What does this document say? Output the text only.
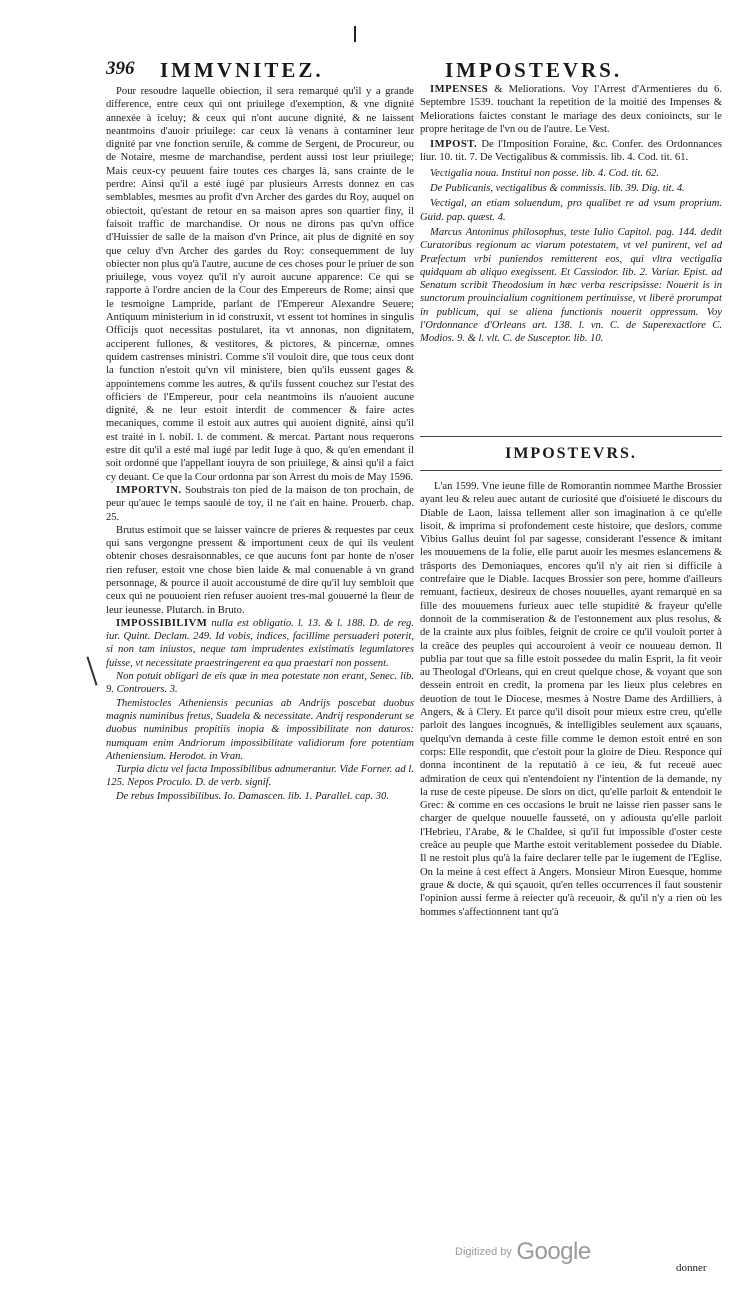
396 IMMVNITEZ.	IMPOSTEVRS.

Pour resoudre laquelle obiection, il sera remarqué qu'il y a grande difference, entre ceux qui ont priuilege d'exemption, & vne dignité annexée à iceluy; & ceux qui n'ont aucune dignité, & ne laissent neantmoins d'auoir priuilege: car ceux là venans à contaminer leur dignité par vne fonction seruile, & comme de Sergent, de Procureur, ou de Notaire, mesme de marchandise, perdent aussi tost leur priuilege; Mais ceux-cy peuuent faire toutes ces charges là, sans crainte de le perdre: Ainsi qu'il a esté iugé par plusieurs Arrests donnez en cas semblables, mesmes au profit d'vn Archer des gardes du Roy, auquel on obiectoit, qu'estant de retour en sa maison apres son quartier finy, il faisoit traffic de marchandise. Or nous ne dirons pas qu'vn office d'Huissier de salle de la maison d'vn Prince, ait plus de dignité en soy que celuy d'vn Archer des gardes du Roy: consequemment de luy obiecter non plus qu'à l'autre, aucune de ces choses pour le priuer de son priuilege, vous voyez qu'il n'y auroit aucune apparence: Ce qui se rapporte à l'ordre ancien de la Cour des Empereurs de Rome; ainsi que le tesmoigne Lampride, parlant de l'Empereur Alexandre Seuere; Antiquum ministerium in id construxit, vt essent tot homines in singulis Officijs quot necessitas postularet, ita vt annonas, non dignitatem, acciperent fullones, & vestitores, & pictores, & pincernæ, omnes quidem castrenses ministri. Comme s'il vouloit dire, que tous ceux dont la function n'estoit qu'vn vil ministere, bien qu'ils eussent gages & appointemens comme les autres, & qu'ils fussent couchez sur l'estat des officiers de l'Empereur, pour cela neantmoins ils n'auoient aucune dignité, & ne leur estoit interdit de commencer & faire actes mecaniques, comme il estoit aux autres qui auoient dignité, ainsi qu'il est traité in l. nobil. l. de comment. & mercat. Partant nous requerons estre dit qu'il a esté mal iugé par ledit Iuge à quo, & qu'en emendant il soit ordonné que l'appellant iouyra de son priuilege, & ainsi qu'il a faict cy deuant. Ce que la Cour ordonna par son Arrest du mois de May 1596.

IMPORTVN. Soubstrais ton pied de la maison de ton prochain, de peur qu'auec le temps saoulé de toy, il ne t'ait en haine. Prouerb. chap. 25.

Brutus estimoit que se laisser vaincre de prieres & requestes par ceux qui sans vergongne pressent & importunent ceux de qui ils veulent obtenir choses desraisonnables, ce que aucuns font par honte de n'oser rien refuser, estoit vne chose bien laide & mal conuenable à vn grand personnage, & pource il auoit accoustumé de dire qu'il luy sembloit que ceux qui ne pouuoient rien refuser auoient tres-mal gouuerné la fleur de leur ieunesse. Plutarch. in Bruto.

IMPOSSIBILIVM nulla est obligatio. l. 13. & l. 188. D. de reg. iur. Quint. Declam. 249. Id vobis, indices, facillime persuaderi poterit, si non tam iniustos, neque tam imprudentes existimatis legumlatores fuisse, vt necessitate praestringerent ea qua praestari non possent.

Non potuit obligari de eis quæ in mea potestate non erant, Senec. lib. 9. Controuers. 3.

Themistocles Atheniensis pecunias ab Andrijs poscebat duobus magnis numinibus fretus, Suadela & necessitate. Andrij responderunt se duobus numinibus propitiis inopia & impossibilitate non daturos: numquam enim Andriorum impossibilitate validiorum fore potentiam Atheniensium. Herodot. in Vran.

Turpia dictu vel facta Impossibilibus adnumerantur. Vide Forner. ad l. 125. Nepos Proculo. D. de verb. signif.

De rebus Impossibilibus. Io. Damascen. lib. 1. Parallel. cap. 30.

IMPENSES & Meliorations. Voy l'Arrest d'Armentieres du 6. Septembre 1539. touchant la repetition de la moitié des Impenses & Meliorations faictes constant le mariage des deux conioincts, sur le propre heritage de l'vn ou de l'autre. Le Vest.

IMPOST. De l'Imposition Foraine, &c. Confer. des Ordonnances liur. 10. tit. 7. De Vectigalibus & commissis. lib. 4. Cod. tit. 61.

Vectigalia noua. Institui non posse. lib. 4. Cod. tit. 62.

De Publicanis, vectigalibus & commissis. lib. 39. Dig. tit. 4.

Vectigal, an etiam soluendum, pro qualibet re ad vsum proprium. Guid. pap. quæst. 4.

Marcus Antoninus philosophus, teste Iulio Capitol. pag. 144. dedit Curatoribus regionum ac viarum potestatem, vt vel punirent, vel ad Præfectum vrbi puniendos remitterent eos, qui vltra vectigalia quidquam ab aliquo exegissent. Et Cassiodor. lib. 2. Variar. Epist. ad Senatum scribit Theodosium in hæc verba rescripsisse: Nouerit is in sunctorum prouincialium cognitionem pertinuisse, vt liberè prorumpat in publicum, qui se aliena functionis nouerit oppressum. Voy l'Ordonnance d'Orleans art. 138. l. vn. C. de Superexactlore C. Modios. 9. & l. vlt. C. de Susceptor. lib. 10.

IMPOSTEVRS.

L'an 1599. Vne ieune fille de Romorantin nommee Marthe Brossier ayant leu & releu auec autant de curiosité que d'oisiueté le discours du Diable de Laon, laissa tellement aller son imagination à ce qu'elle lisoit, & imprima si profondement ceste histoire, que deslors, comme Vibius Gallus deuint fol par sagesse, considerant l'essence & imitant les mouuemens de la folie, elle parut auoir les mesmes eslancemens & trâsports des Demoniaques, encores qu'il n'y ait rien si difficile à contrefaire que le Diable. Iacques Brossier son pere, homme d'ailleurs remuant, factieux, desireux de choses nouuelles, ayant remarqué en sa fille des mouuemens furieux auec telle stupidité & frayeur qu'elle donnoit de la commiseration & de l'estonnement aux plus resolus, & de la crainte aux plus foibles, feignit de croire ce qu'il vouloit porter à la creâce des peuples qui accouroient à veoir ce nouueau demon. Il publia par tout que sa fille estoit possedee du malin Esprit, la fit veoir au Theologal d'Orleans, qui en creut quelque chose, & voyant que son dessein entroit en credit, la promena par les lieux plus celebres en deuotion de tout le Diocese, mesmes à Nostre Dame des Ardilliers, à Angers, & à Clery. Et parce qu'il disoit pour mieux estre creu, qu'elle parloit des langues incognuës, & intelligibles seulement aux sçauans, quelqu'vn demanda à ceste fille comme le demon estoit entré en son corps: Elle respondit, que c'estoit pour la gloire de Dieu. Responce qui donna incontinent de la reputatiô à ce ieu, & fut receuë auec admiration de ceux qui n'entendoient ny l'intention de la demande, ny la ruse de ceste pipeuse. De slors on dict, qu'elle parloit & entendoit le Grec: & comme en ces occasions le bruit ne laisse rien passer sans le charger de quelque nouuelle fausseté, on y adiousta qu'elle parloit l'Hebrieu, l'Arabe, & le Chaldee, si qu'il fut impossible d'oster ceste creâce au peuple que Marthe estoit veritablement possedee du Diable. Il ne restoit plus qu'à la faire declarer telle par le iugement de l'Eglise. On la meine à cest effect à Angers. Monsieur Miron Euesque, homme graue & docte, & qui sçauoit, qu'en telles occurrences il faut soustenir l'opinion aussi ferme à reiecter qu'à receuoir, & qu'il n'y a rien où les hommes s'affectionnent tant qu'à

donner
Digitized by Google
